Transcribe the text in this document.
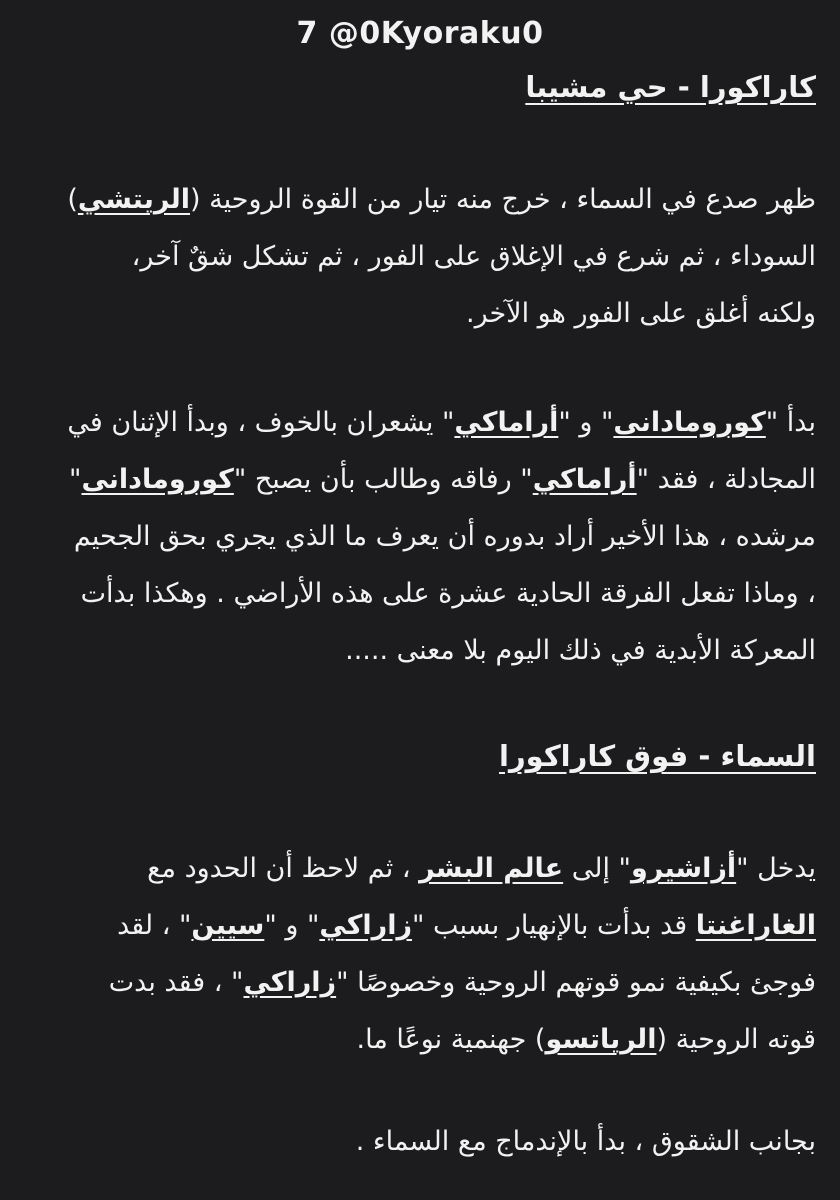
7 @0Kyoraku0

كاراكورا - حي مشيبا

ظهر صدع في السماء ، خرج منه تيار من القوة الروحية (الريتشي) السوداء ، ثم شرع في الإغلاق على الفور ، ثم تشكل شقٌ آخر، ولكنه أغلق على الفور هو الآخر.

بدأ "كورومادانى" و "أراماكي" يشعران بالخوف ، وبدأ الإثنان في المجادلة ، فقد "أراماكي" رفاقه وطالب بأن يصبح "كورومادانى" مرشده ، هذا الأخير أراد بدوره أن يعرف ما الذي يجري بحق الجحيم ، وماذا تفعل الفرقة الحادية عشرة على هذه الأراضي . وهكذا بدأت المعركة الأبدية في ذلك اليوم بلا معنى .....

السماء - فوق كاراكورا

يدخل "أزاشيرو" إلى عالم البشر ، ثم لاحظ أن الحدود مع الغاراغنتا قد بدأت بالإنهيار بسبب "زاراكي" و "سيين" ، لقد فوجئ بكيفية نمو قوتهم الروحية وخصوصًا "زاراكي" ، فقد بدت قوته الروحية (الرياتسو) جهنمية نوعًا ما.

بجانب الشقوق ، بدأ بالإندماج مع السماء .
